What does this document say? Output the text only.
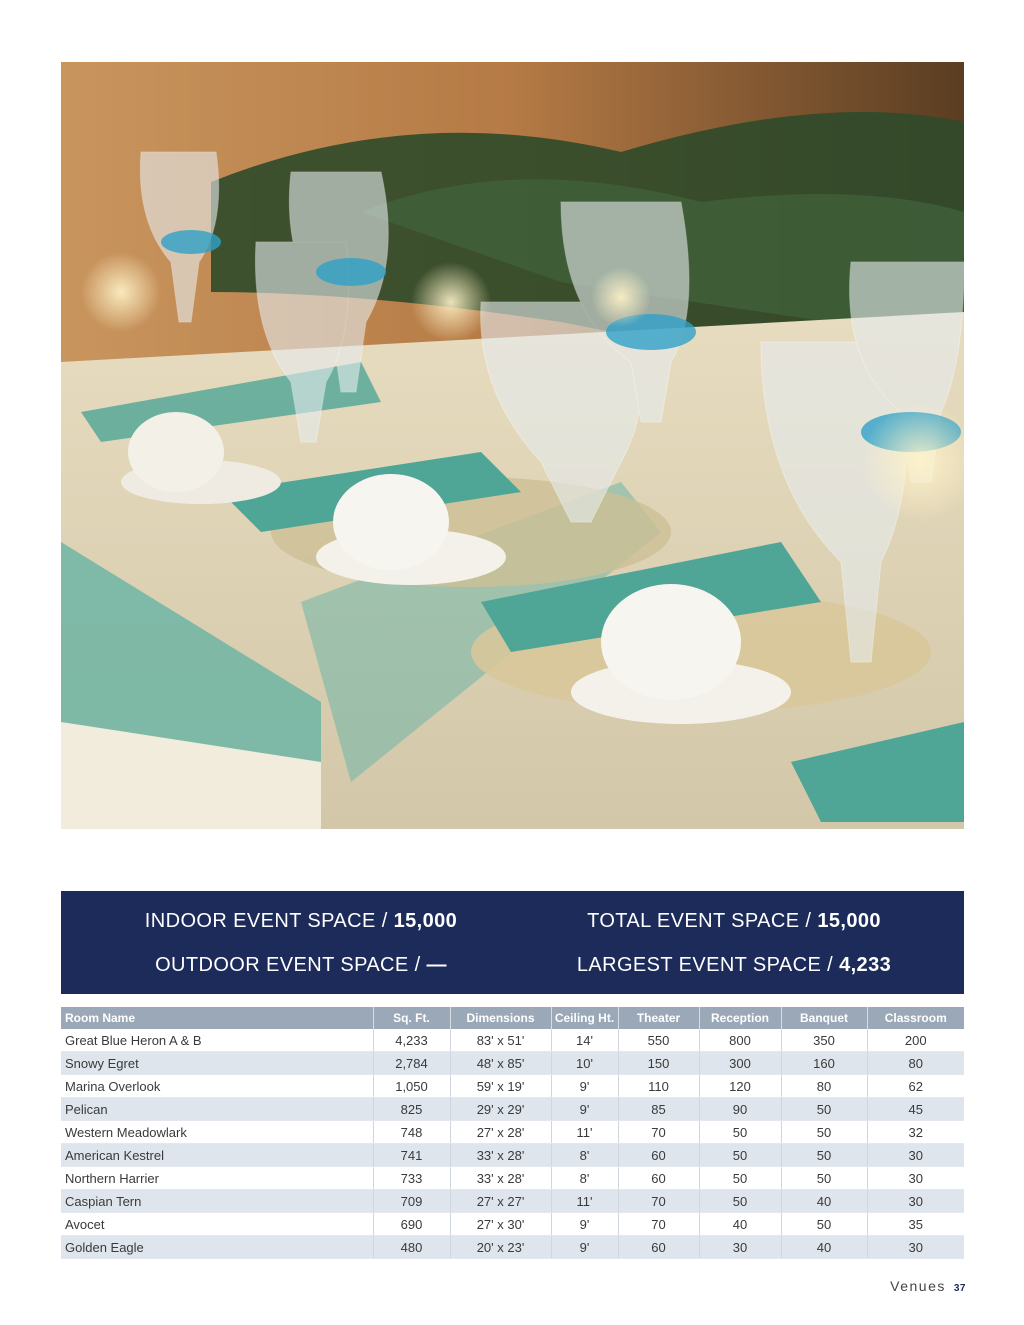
INDOOR EVENT SPACE / 15,000	TOTAL EVENT SPACE / 15,000
OUTDOOR EVENT SPACE / —	LARGEST EVENT SPACE / 4,233
Room Name	Sq. Ft.	Dimensions	Ceiling Ht.	Theater	Reception	Banquet	Classroom
Great Blue Heron A & B	4,233	83' x 51'	14'	550	800	350	200
Snowy Egret	2,784	48' x 85'	10'	150	300	160	80
Marina Overlook	1,050	59' x 19'	9'	110	120	80	62
Pelican	825	29' x 29'	9'	85	90	50	45
Western Meadowlark	748	27' x 28'	11'	70	50	50	32
American Kestrel	741	33' x 28'	8'	60	50	50	30
Northern Harrier	733	33' x 28'	8'	60	50	50	30
Caspian Tern	709	27' x 27'	11'	70	50	40	30
Avocet	690	27' x 30'	9'	70	40	50	35
Golden Eagle	480	20' x 23'	9'	60	30	40	30
Venues 37
